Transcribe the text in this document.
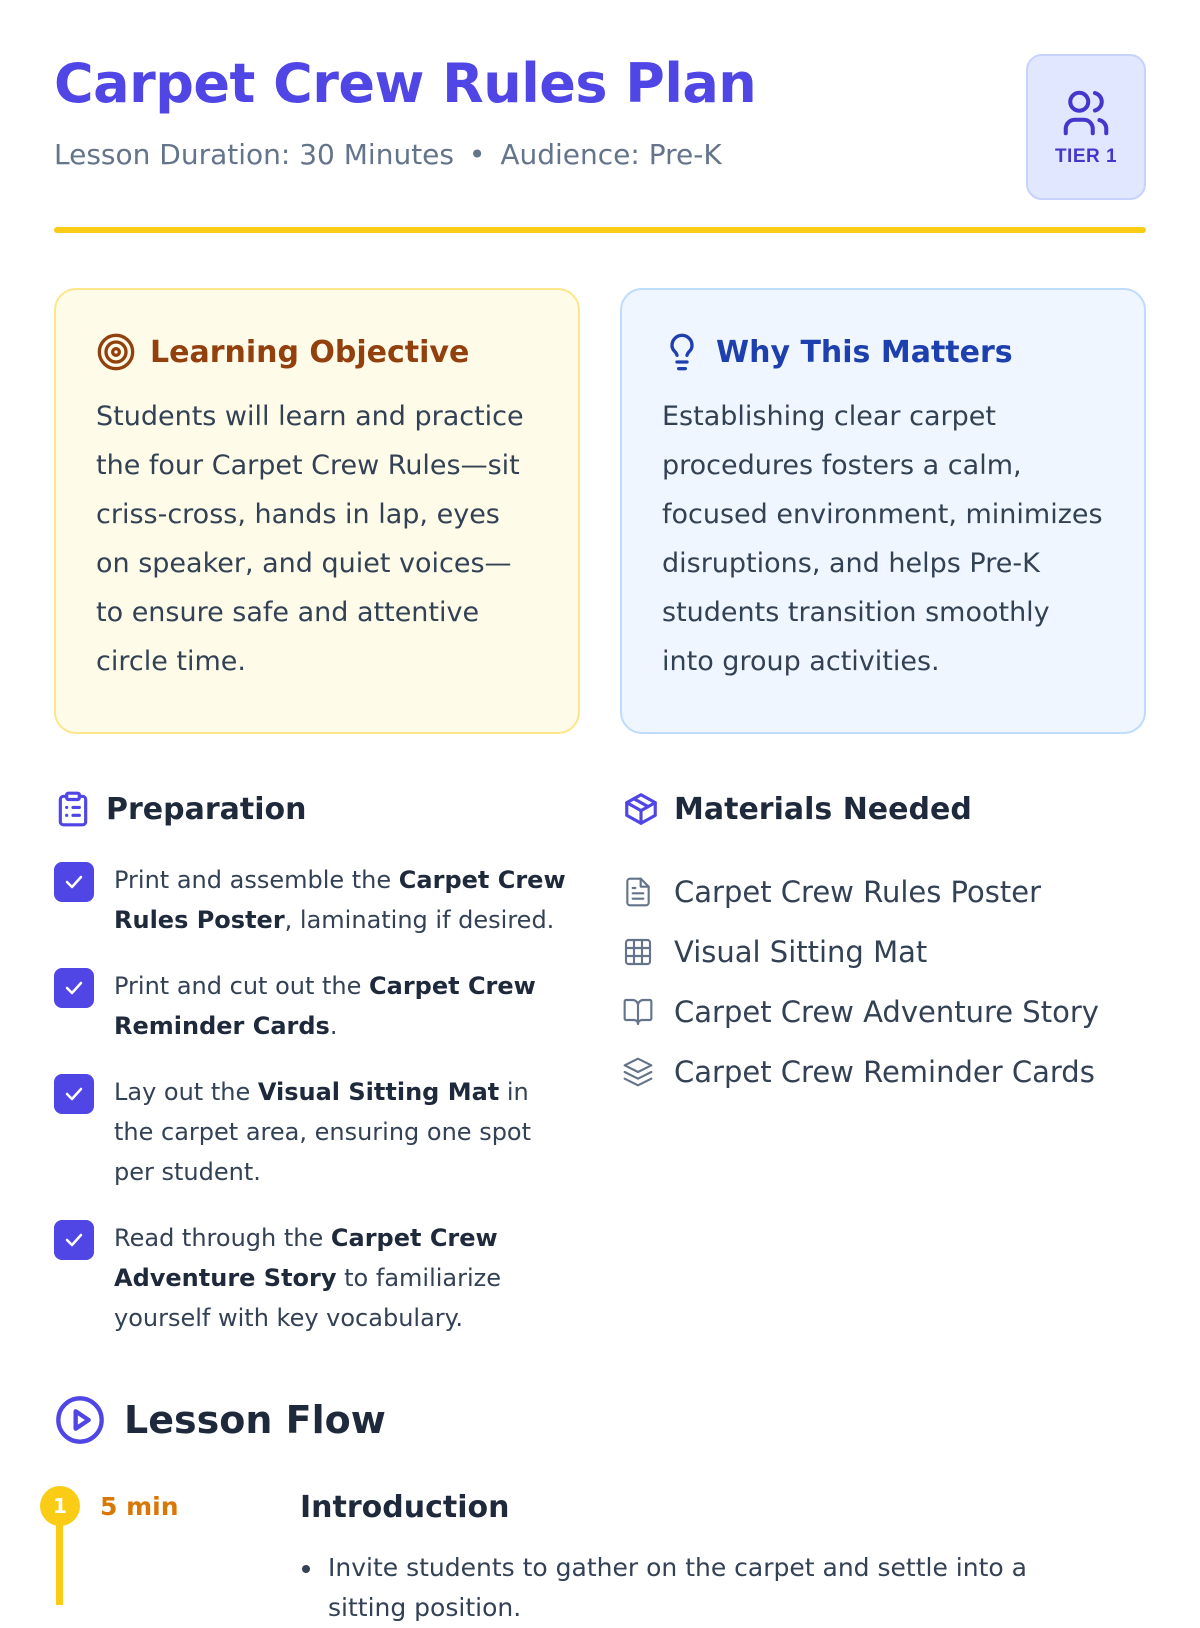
Carpet Crew Rules Plan
Lesson Duration: 30 Minutes • Audience: Pre-K	TIER 1
Learning Objective

Students will learn and practice the four Carpet Crew Rules—sit criss-cross, hands in lap, eyes on speaker, and quiet voices—to ensure safe and attentive circle time.

Why This Matters

Establishing clear carpet procedures fosters a calm, focused environment, minimizes disruptions, and helps Pre-K students transition smoothly into group activities.

Preparation
Print and assemble the Carpet Crew Rules Poster, laminating if desired.
Print and cut out the Carpet Crew Reminder Cards.
Lay out the Visual Sitting Mat in the carpet area, ensuring one spot per student.
Read through the Carpet Crew Adventure Story to familiarize yourself with key vocabulary.
Materials Needed
Carpet Crew Rules Poster
Visual Sitting Mat
Carpet Crew Adventure Story
Carpet Crew Reminder Cards
Lesson Flow
1	5 min	Introduction
Invite students to gather on the carpet and settle into a sitting position.
